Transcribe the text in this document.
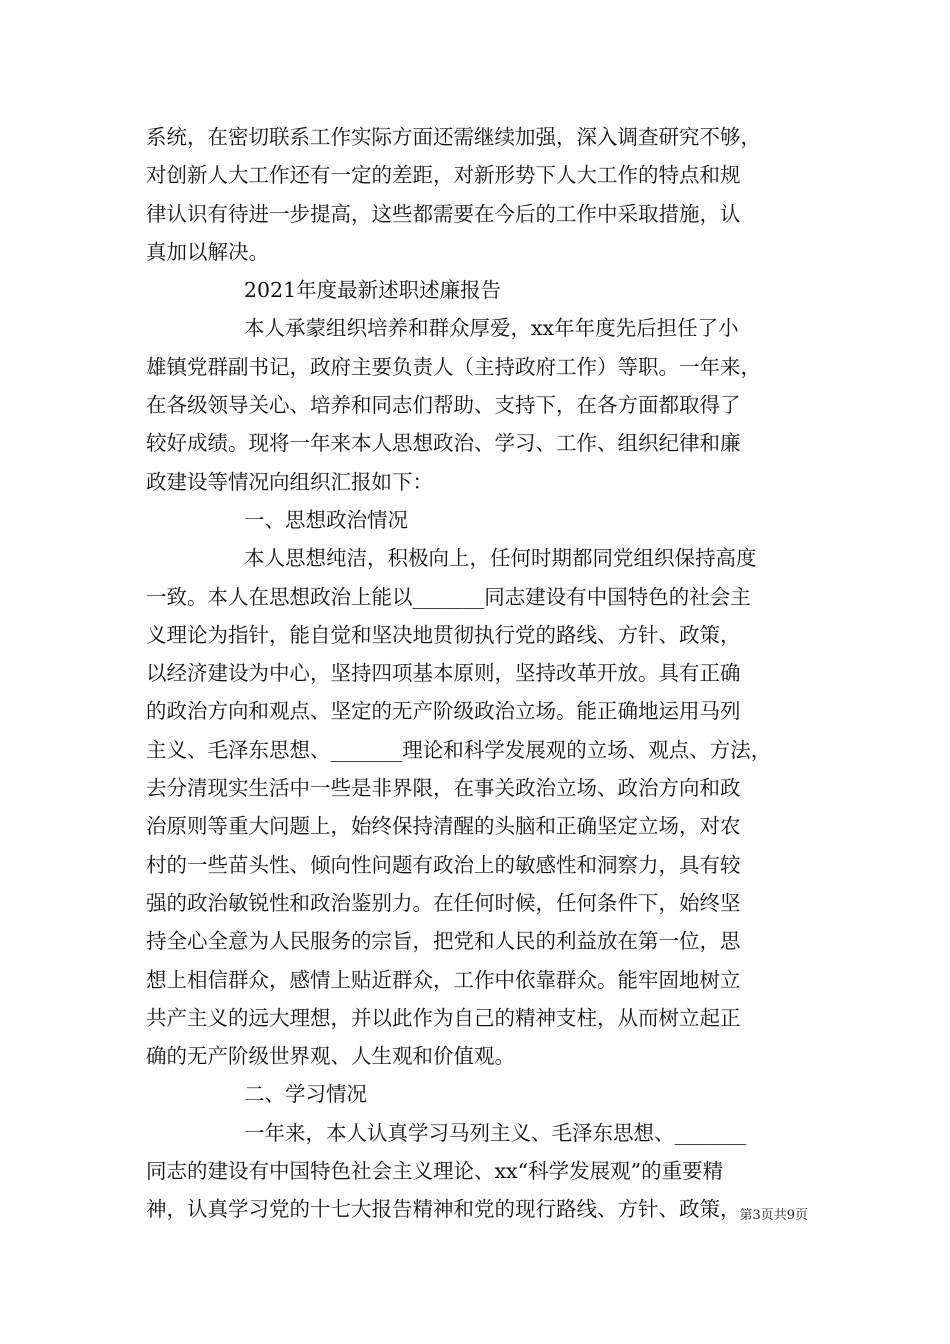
系统，在密切联系工作实际方面还需继续加强，深入调查研究不够，
对创新人大工作还有一定的差距，对新形势下人大工作的特点和规
律认识有待进一步提高，这些都需要在今后的工作中采取措施，认
真加以解决。
2021年度最新述职述廉报告
本人承蒙组织培养和群众厚爱，xx年年度先后担任了小
雄镇党群副书记，政府主要负责人（主持政府工作）等职。一年来，
在各级领导关心、培养和同志们帮助、支持下，在各方面都取得了
较好成绩。现将一年来本人思想政治、学习、工作、组织纪律和廉
政建设等情况向组织汇报如下：
一、思想政治情况
本人思想纯洁，积极向上，任何时期都同党组织保持高度
一致。本人在思想政治上能以_______同志建设有中国特色的社会主
义理论为指针，能自觉和坚决地贯彻执行党的路线、方针、政策，
以经济建设为中心，坚持四项基本原则，坚持改革开放。具有正确
的政治方向和观点、坚定的无产阶级政治立场。能正确地运用马列
主义、毛泽东思想、_______理论和科学发展观的立场、观点、方法，
去分清现实生活中一些是非界限，在事关政治立场、政治方向和政
治原则等重大问题上，始终保持清醒的头脑和正确坚定立场，对农
村的一些苗头性、倾向性问题有政治上的敏感性和洞察力，具有较
强的政治敏锐性和政治鉴别力。在任何时候，任何条件下，始终坚
持全心全意为人民服务的宗旨，把党和人民的利益放在第一位，思
想上相信群众，感情上贴近群众，工作中依靠群众。能牢固地树立
共产主义的远大理想，并以此作为自己的精神支柱，从而树立起正
确的无产阶级世界观、人生观和价值观。
二、学习情况
一年来，本人认真学习马列主义、毛泽东思想、_______
同志的建设有中国特色社会主义理论、xx“科学发展观”的重要精
神，认真学习党的十七大报告精神和党的现行路线、方针、政策，
第3页共9页
